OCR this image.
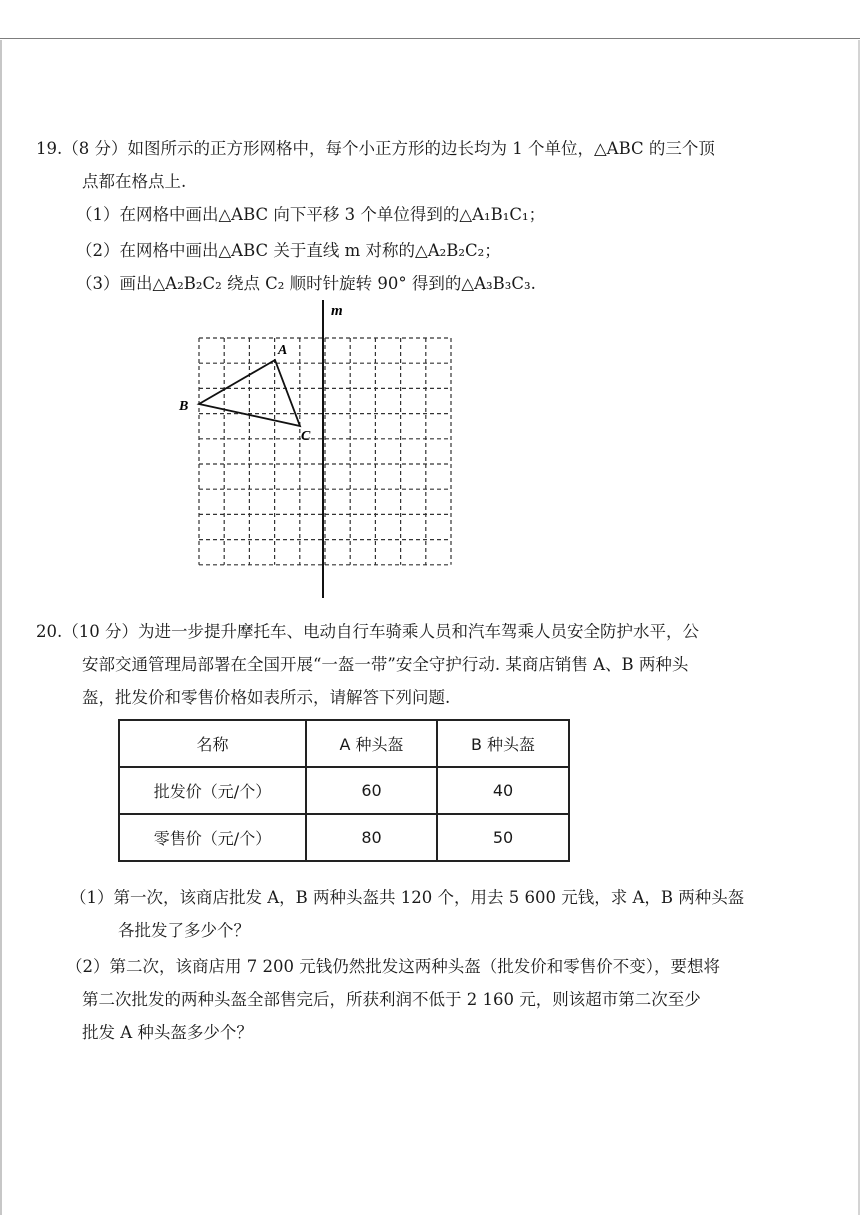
19.（8 分）如图所示的正方形网格中，每个小正方形的边长均为 1 个单位，△ABC 的三个顶
点都在格点上.
（1）在网格中画出△ABC 向下平移 3 个单位得到的△A₁B₁C₁；
（2）在网格中画出△ABC 关于直线 m 对称的△A₂B₂C₂；
（3）画出△A₂B₂C₂ 绕点 C₂ 顺时针旋转 90° 得到的△A₃B₃C₃.
m
A
B
C
20.（10 分）为进一步提升摩托车、电动自行车骑乘人员和汽车驾乘人员安全防护水平，公
安部交通管理局部署在全国开展“一盔一带”安全守护行动. 某商店销售 A、B 两种头
盔，批发价和零售价格如表所示，请解答下列问题.
名称	A 种头盔	B 种头盔
批发价（元/个）	60	40
零售价（元/个）	80	50
（1）第一次，该商店批发 A，B 两种头盔共 120 个，用去 5 600 元钱，求 A，B 两种头盔
各批发了多少个？
（2）第二次，该商店用 7 200 元钱仍然批发这两种头盔（批发价和零售价不变），要想将
第二次批发的两种头盔全部售完后，所获利润不低于 2 160 元，则该超市第二次至少
批发 A 种头盔多少个？
